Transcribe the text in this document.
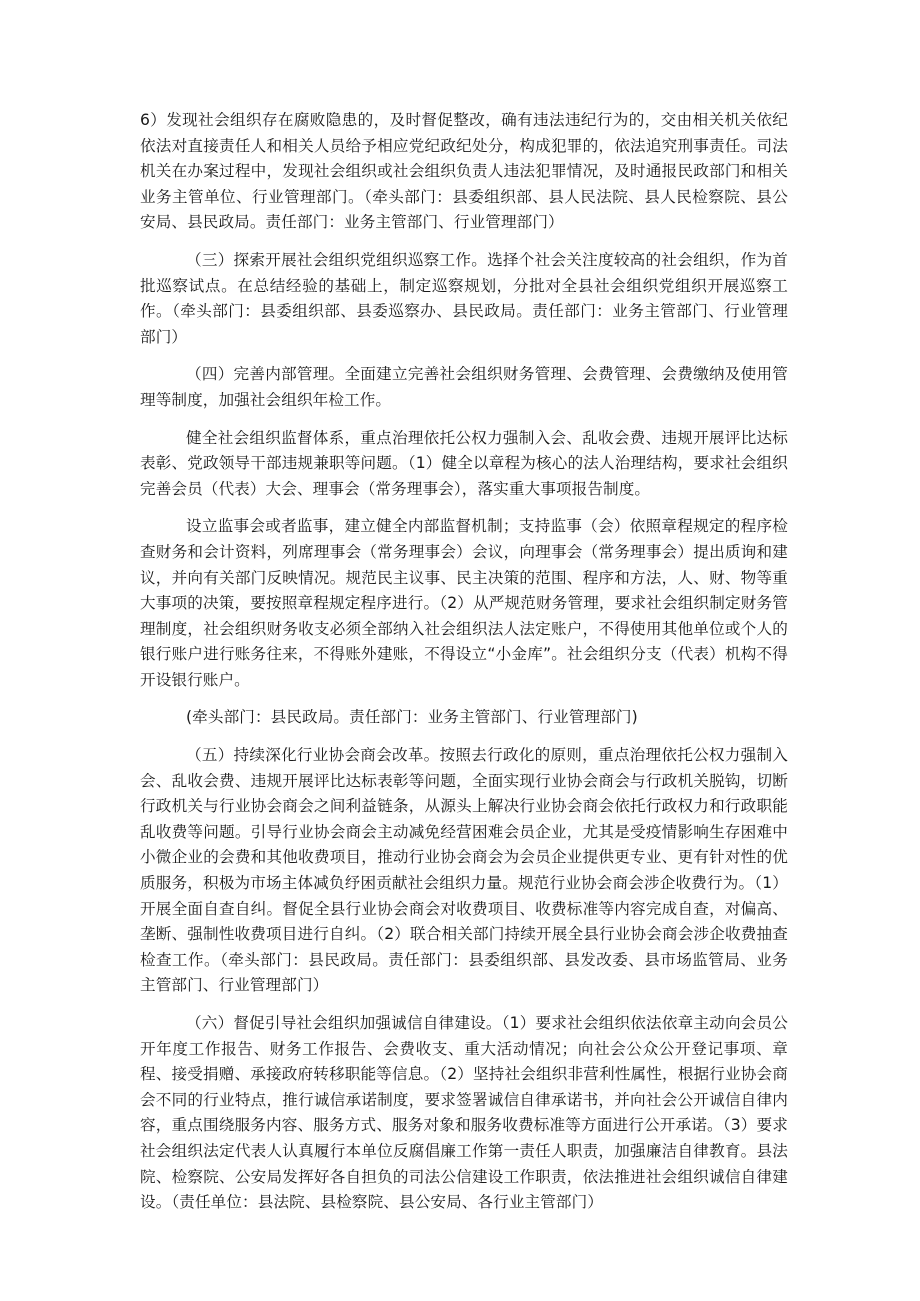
6）发现社会组织存在腐败隐患的，及时督促整改，确有违法违纪行为的，交由相关机关依纪依法对直接责任人和相关人员给予相应党纪政纪处分，构成犯罪的，依法追究刑事责任。司法机关在办案过程中，发现社会组织或社会组织负责人违法犯罪情况，及时通报民政部门和相关业务主管单位、行业管理部门。（牵头部门：县委组织部、县人民法院、县人民检察院、县公安局、县民政局。责任部门：业务主管部门、行业管理部门）

（三）探索开展社会组织党组织巡察工作。选择个社会关注度较高的社会组织，作为首批巡察试点。在总结经验的基础上，制定巡察规划，分批对全县社会组织党组织开展巡察工作。（牵头部门：县委组织部、县委巡察办、县民政局。责任部门：业务主管部门、行业管理部门）

（四）完善内部管理。全面建立完善社会组织财务管理、会费管理、会费缴纳及使用管理等制度，加强社会组织年检工作。

健全社会组织监督体系，重点治理依托公权力强制入会、乱收会费、违规开展评比达标表彰、党政领导干部违规兼职等问题。（1）健全以章程为核心的法人治理结构，要求社会组织完善会员（代表）大会、理事会（常务理事会），落实重大事项报告制度。

设立监事会或者监事，建立健全内部监督机制；支持监事（会）依照章程规定的程序检查财务和会计资料，列席理事会（常务理事会）会议，向理事会（常务理事会）提出质询和建议，并向有关部门反映情况。规范民主议事、民主决策的范围、程序和方法，人、财、物等重大事项的决策，要按照章程规定程序进行。（2）从严规范财务管理，要求社会组织制定财务管理制度，社会组织财务收支必须全部纳入社会组织法人法定账户，不得使用其他单位或个人的银行账户进行账务往来，不得账外建账，不得设立“小金库”。社会组织分支（代表）机构不得开设银行账户。

(牵头部门：县民政局。责任部门：业务主管部门、行业管理部门)

（五）持续深化行业协会商会改革。按照去行政化的原则，重点治理依托公权力强制入会、乱收会费、违规开展评比达标表彰等问题，全面实现行业协会商会与行政机关脱钩，切断行政机关与行业协会商会之间利益链条，从源头上解决行业协会商会依托行政权力和行政职能乱收费等问题。引导行业协会商会主动减免经营困难会员企业，尤其是受疫情影响生存困难中小微企业的会费和其他收费项目，推动行业协会商会为会员企业提供更专业、更有针对性的优质服务，积极为市场主体减负纾困贡献社会组织力量。规范行业协会商会涉企收费行为。（1）开展全面自查自纠。督促全县行业协会商会对收费项目、收费标准等内容完成自查，对偏高、垄断、强制性收费项目进行自纠。（2）联合相关部门持续开展全县行业协会商会涉企收费抽查检查工作。（牵头部门：县民政局。责任部门：县委组织部、县发改委、县市场监管局、业务主管部门、行业管理部门）

（六）督促引导社会组织加强诚信自律建设。（1）要求社会组织依法依章主动向会员公开年度工作报告、财务工作报告、会费收支、重大活动情况；向社会公众公开登记事项、章程、接受捐赠、承接政府转移职能等信息。（2）坚持社会组织非营利性属性，根据行业协会商会不同的行业特点，推行诚信承诺制度，要求签署诚信自律承诺书，并向社会公开诚信自律内容，重点围绕服务内容、服务方式、服务对象和服务收费标准等方面进行公开承诺。（3）要求社会组织法定代表人认真履行本单位反腐倡廉工作第一责任人职责，加强廉洁自律教育。县法院、检察院、公安局发挥好各自担负的司法公信建设工作职责，依法推进社会组织诚信自律建设。（责任单位：县法院、县检察院、县公安局、各行业主管部门）
